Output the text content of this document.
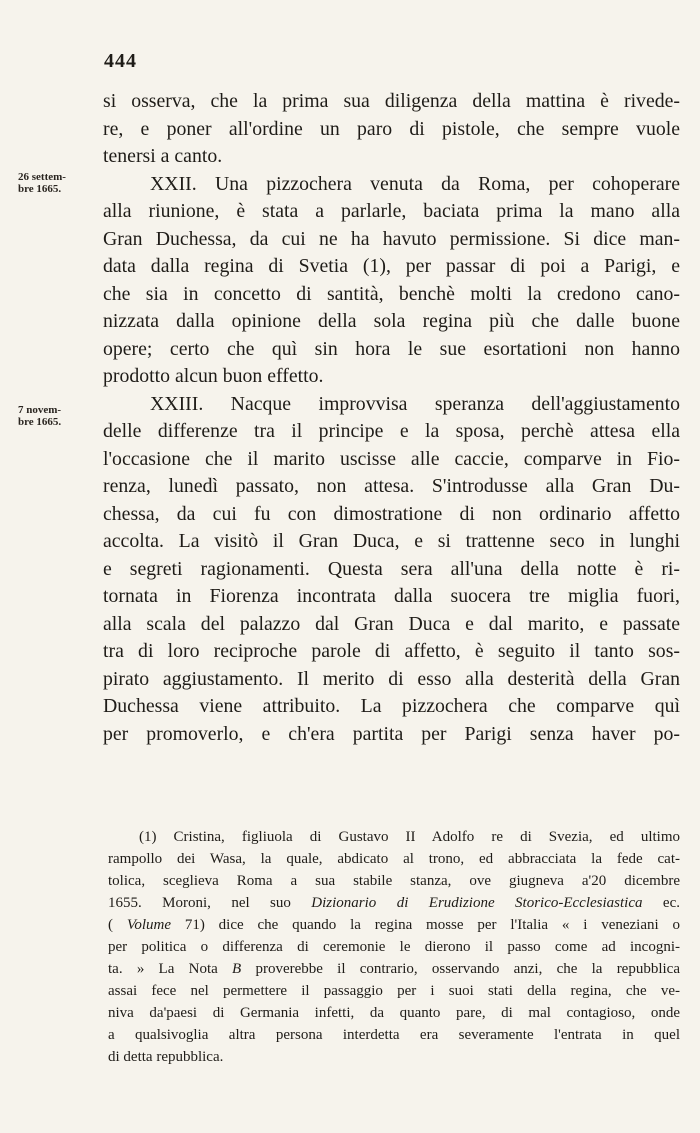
444
26 settem-
bre 1665.
7 novem-
bre 1665.
si osserva, che la prima sua diligenza della mattina è rivede-
re, e poner all'ordine un paro di pistole, che sempre vuole
tenersi a canto.
XXII. Una pizzochera venuta da Roma, per cohoperare
alla riunione, è stata a parlarle, baciata prima la mano alla
Gran Duchessa, da cui ne ha havuto permissione. Si dice man-
data dalla regina di Svetia (1), per passar di poi a Parigi, e
che sia in concetto di santità, benchè molti la credono cano-
nizzata dalla opinione della sola regina più che dalle buone
opere; certo che quì sin hora le sue esortationi non hanno
prodotto alcun buon effetto.
XXIII. Nacque improvvisa speranza dell'aggiustamento
delle differenze tra il principe e la sposa, perchè attesa ella
l'occasione che il marito uscisse alle caccie, comparve in Fio-
renza, lunedì passato, non attesa. S'introdusse alla Gran Du-
chessa, da cui fu con dimostratione di non ordinario affetto
accolta. La visitò il Gran Duca, e si trattenne seco in lunghi
e segreti ragionamenti. Questa sera all'una della notte è ri-
tornata in Fiorenza incontrata dalla suocera tre miglia fuori,
alla scala del palazzo dal Gran Duca e dal marito, e passate
tra di loro reciproche parole di affetto, è seguito il tanto sos-
pirato aggiustamento. Il merito di esso alla desterità della Gran
Duchessa viene attribuito. La pizzochera che comparve quì
per promoverlo, e ch'era partita per Parigi senza haver po-
(1) Cristina, figliuola di Gustavo II Adolfo re di Svezia, ed ultimo
rampollo dei Wasa, la quale, abdicato al trono, ed abbracciata la fede cat-
tolica, sceglieva Roma a sua stabile stanza, ove giugneva a'20 dicembre
1655. Moroni, nel suo Dizionario di Erudizione Storico-Ecclesiastica ec.
( Volume 71) dice che quando la regina mosse per l'Italia « i veneziani o
per politica o differenza di ceremonie le dierono il passo come ad incogni-
ta. » La Nota B proverebbe il contrario, osservando anzi, che la repubblica
assai fece nel permettere il passaggio per i suoi stati della regina, che ve-
niva da'paesi di Germania infetti, da quanto pare, di mal contagioso, onde
a qualsivoglia altra persona interdetta era severamente l'entrata in quel
di detta repubblica.
